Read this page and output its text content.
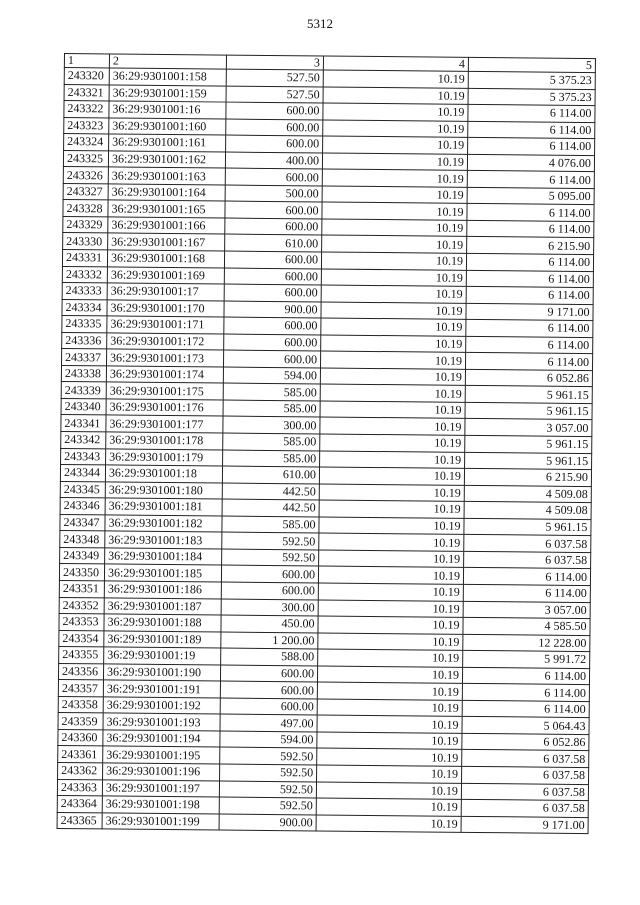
5312
1	2	3	4	5
243320	36:29:9301001:158	527.50	10.19	5 375.23
243321	36:29:9301001:159	527.50	10.19	5 375.23
243322	36:29:9301001:16	600.00	10.19	6 114.00
243323	36:29:9301001:160	600.00	10.19	6 114.00
243324	36:29:9301001:161	600.00	10.19	6 114.00
243325	36:29:9301001:162	400.00	10.19	4 076.00
243326	36:29:9301001:163	600.00	10.19	6 114.00
243327	36:29:9301001:164	500.00	10.19	5 095.00
243328	36:29:9301001:165	600.00	10.19	6 114.00
243329	36:29:9301001:166	600.00	10.19	6 114.00
243330	36:29:9301001:167	610.00	10.19	6 215.90
243331	36:29:9301001:168	600.00	10.19	6 114.00
243332	36:29:9301001:169	600.00	10.19	6 114.00
243333	36:29:9301001:17	600.00	10.19	6 114.00
243334	36:29:9301001:170	900.00	10.19	9 171.00
243335	36:29:9301001:171	600.00	10.19	6 114.00
243336	36:29:9301001:172	600.00	10.19	6 114.00
243337	36:29:9301001:173	600.00	10.19	6 114.00
243338	36:29:9301001:174	594.00	10.19	6 052.86
243339	36:29:9301001:175	585.00	10.19	5 961.15
243340	36:29:9301001:176	585.00	10.19	5 961.15
243341	36:29:9301001:177	300.00	10.19	3 057.00
243342	36:29:9301001:178	585.00	10.19	5 961.15
243343	36:29:9301001:179	585.00	10.19	5 961.15
243344	36:29:9301001:18	610.00	10.19	6 215.90
243345	36:29:9301001:180	442.50	10.19	4 509.08
243346	36:29:9301001:181	442.50	10.19	4 509.08
243347	36:29:9301001:182	585.00	10.19	5 961.15
243348	36:29:9301001:183	592.50	10.19	6 037.58
243349	36:29:9301001:184	592.50	10.19	6 037.58
243350	36:29:9301001:185	600.00	10.19	6 114.00
243351	36:29:9301001:186	600.00	10.19	6 114.00
243352	36:29:9301001:187	300.00	10.19	3 057.00
243353	36:29:9301001:188	450.00	10.19	4 585.50
243354	36:29:9301001:189	1 200.00	10.19	12 228.00
243355	36:29:9301001:19	588.00	10.19	5 991.72
243356	36:29:9301001:190	600.00	10.19	6 114.00
243357	36:29:9301001:191	600.00	10.19	6 114.00
243358	36:29:9301001:192	600.00	10.19	6 114.00
243359	36:29:9301001:193	497.00	10.19	5 064.43
243360	36:29:9301001:194	594.00	10.19	6 052.86
243361	36:29:9301001:195	592.50	10.19	6 037.58
243362	36:29:9301001:196	592.50	10.19	6 037.58
243363	36:29:9301001:197	592.50	10.19	6 037.58
243364	36:29:9301001:198	592.50	10.19	6 037.58
243365	36:29:9301001:199	900.00	10.19	9 171.00
